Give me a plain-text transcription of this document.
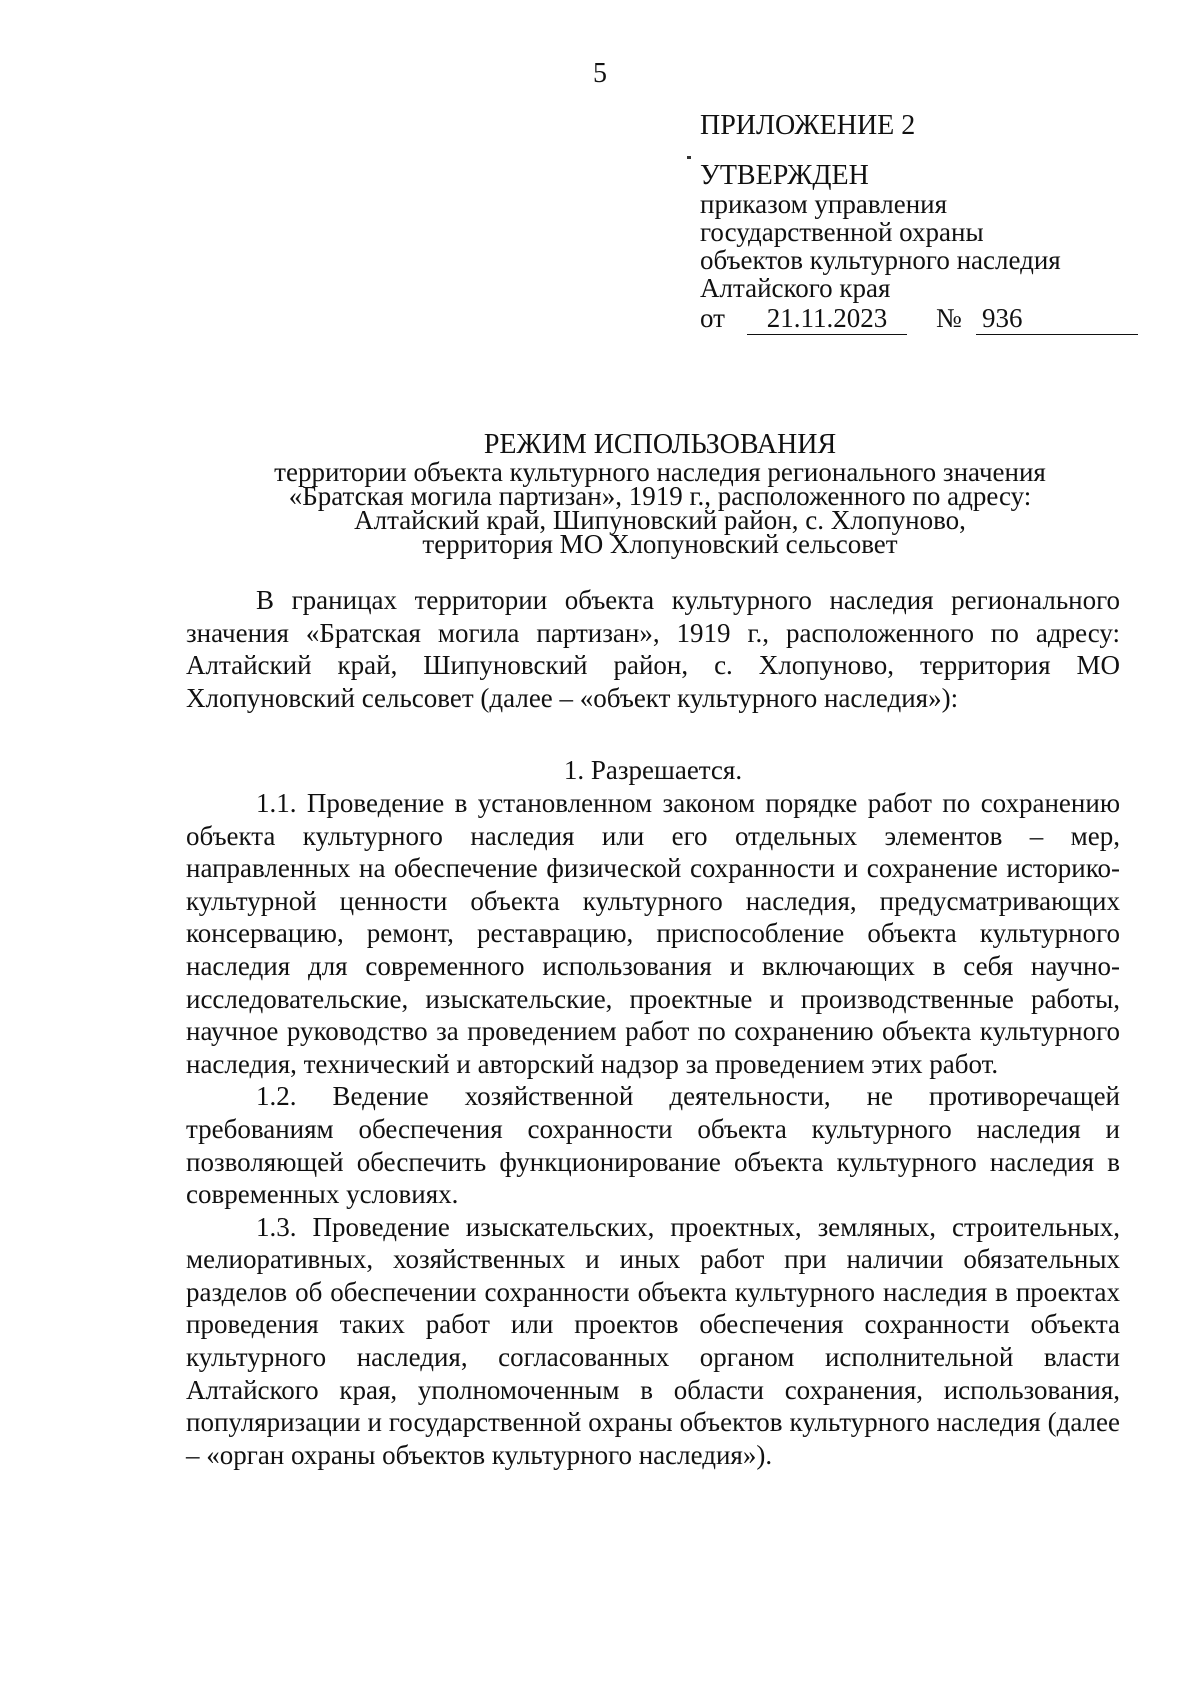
5
ПРИЛОЖЕНИЕ 2
УТВЕРЖДЕН
приказом управления
государственной охраны
объектов культурного наследия
Алтайского края
от	21.11.2023	№ 936
РЕЖИМ ИСПОЛЬЗОВАНИЯ
территории объекта культурного наследия регионального значения
«Братская могила партизан», 1919 г., расположенного по адресу:
Алтайский край, Шипуновский район, с. Хлопуново,
территория МО Хлопуновский сельсовет

В границах территории объекта культурного наследия регионального значения «Братская могила партизан», 1919 г., расположенного по адресу: Алтайский край, Шипуновский район, с. Хлопуново, территория МО Хлопуновский сельсовет (далее – «объект культурного наследия»):

1. Разрешается.

1.1. Проведение в установленном законом порядке работ по сохранению объекта культурного наследия или его отдельных элементов – мер, направленных на обеспечение физической сохранности и сохранение историко-культурной ценности объекта культурного наследия, предусматривающих консервацию, ремонт, реставрацию, приспособление объекта культурного наследия для современного использования и включающих в себя научно-исследовательские, изыскательские, проектные и производственные работы, научное руководство за проведением работ по сохранению объекта культурного наследия, технический и авторский надзор за проведением этих работ.

1.2. Ведение хозяйственной деятельности, не противоречащей требованиям обеспечения сохранности объекта культурного наследия и позволяющей обеспечить функционирование объекта культурного наследия в современных условиях.

1.3. Проведение изыскательских, проектных, земляных, строительных, мелиоративных, хозяйственных и иных работ при наличии обязательных разделов об обеспечении сохранности объекта культурного наследия в проектах проведения таких работ или проектов обеспечения сохранности объекта культурного наследия, согласованных органом исполнительной власти Алтайского края, уполномоченным в области сохранения, использования, популяризации и государственной охраны объектов культурного наследия (далее – «орган охраны объектов культурного наследия»).
